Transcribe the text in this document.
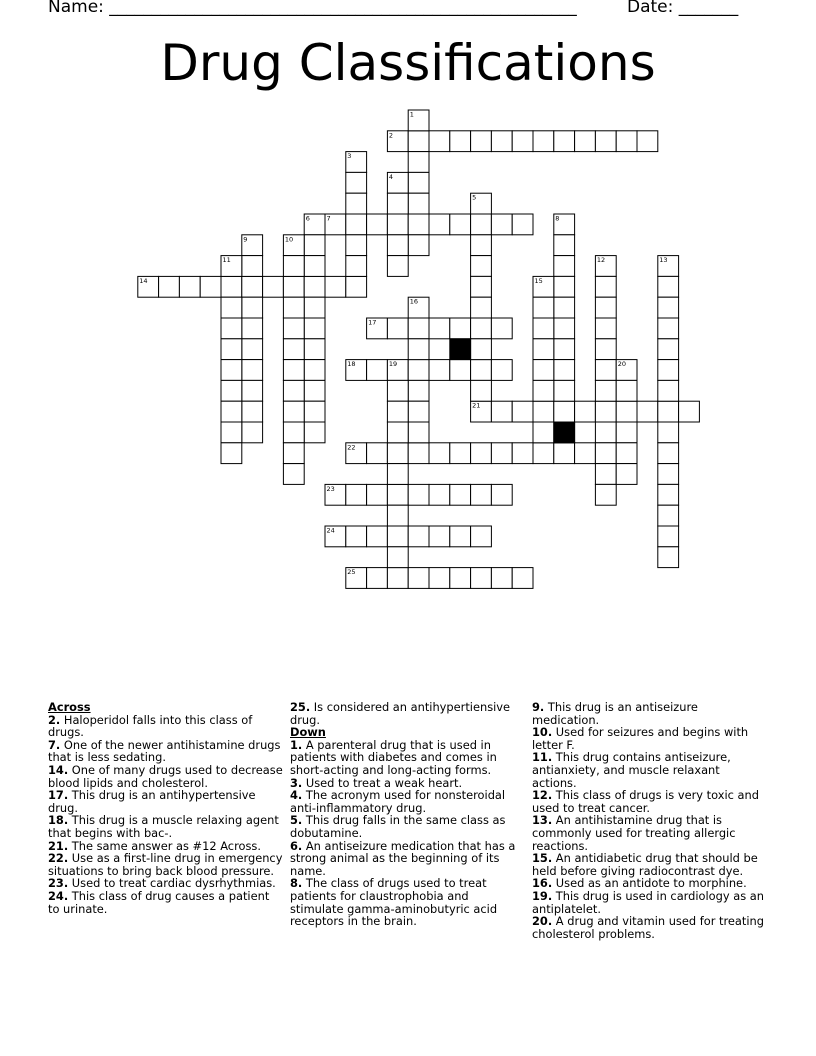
Name: _______________________________________________________	Date: _______
Drug Classifications
2
7
14
17
18
21
22
23
24
25
1
3
4
5
6	8
9	10
11	12	13
15
16
19	20
Across

2. Haloperidol falls into this class of drugs.

7. One of the newer antihistamine drugs that is less sedating.

14. One of many drugs used to decrease blood lipids and cholesterol.

17. This drug is an antihypertensive drug.

18. This drug is a muscle relaxing agent that begins with bac-.

21. The same answer as #12 Across.

22. Use as a first-line drug in emergency situations to bring back blood pressure.

23. Used to treat cardiac dysrhythmias.

24. This class of drug causes a patient to urinate.

25. Is considered an antihypertiensive drug.

Down

1. A parenteral drug that is used in patients with diabetes and comes in short-acting and long-acting forms.

3. Used to treat a weak heart.

4. The acronym used for nonsteroidal anti-inflammatory drug.

5. This drug falls in the same class as dobutamine.

6. An antiseizure medication that has a strong animal as the beginning of its name.

8. The class of drugs used to treat patients for claustrophobia and stimulate gamma-aminobutyric acid receptors in the brain.

9. This drug is an antiseizure medication.

10. Used for seizures and begins with letter F.

11. This drug contains antiseizure, antianxiety, and muscle relaxant actions.

12. This class of drugs is very toxic and used to treat cancer.

13. An antihistamine drug that is commonly used for treating allergic reactions.

15. An antidiabetic drug that should be held before giving radiocontrast dye.

16. Used as an antidote to morphine.

19. This drug is used in cardiology as an antiplatelet.

20. A drug and vitamin used for treating cholesterol problems.
